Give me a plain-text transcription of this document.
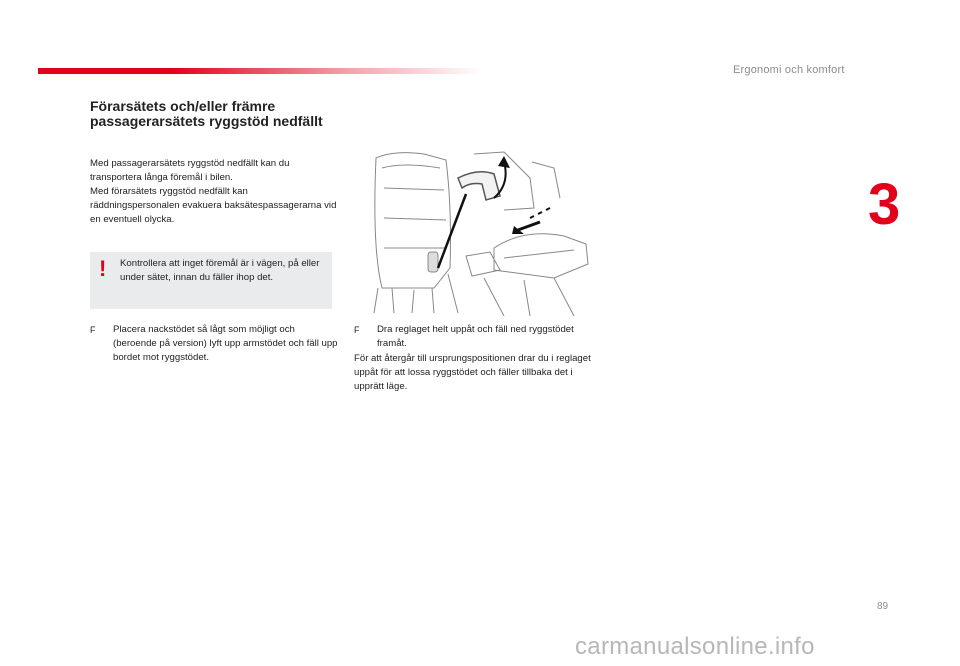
Ergonomi och komfort
3
Förarsätets och/eller främre passagerarsätets ryggstöd nedfällt
Med passagerarsätets ryggstöd nedfällt kan du transportera långa föremål i bilen.
Med förarsätets ryggstöd nedfällt kan räddningspersonalen evakuera baksätespassagerarna vid en eventuell olycka.
! Kontrollera att inget föremål är i vägen, på eller under sätet, innan du fäller ihop det.
F	Placera nackstödet så lågt som möjligt och (beroende på version) lyft upp armstödet och fäll upp bordet mot ryggstödet.
F	Dra reglaget helt uppåt och fäll ned ryggstödet framåt.
För att återgår till ursprungspositionen drar du i reglaget uppåt för att lossa ryggstödet och fäller tillbaka det i upprätt läge.
89
carmanualsonline.info
